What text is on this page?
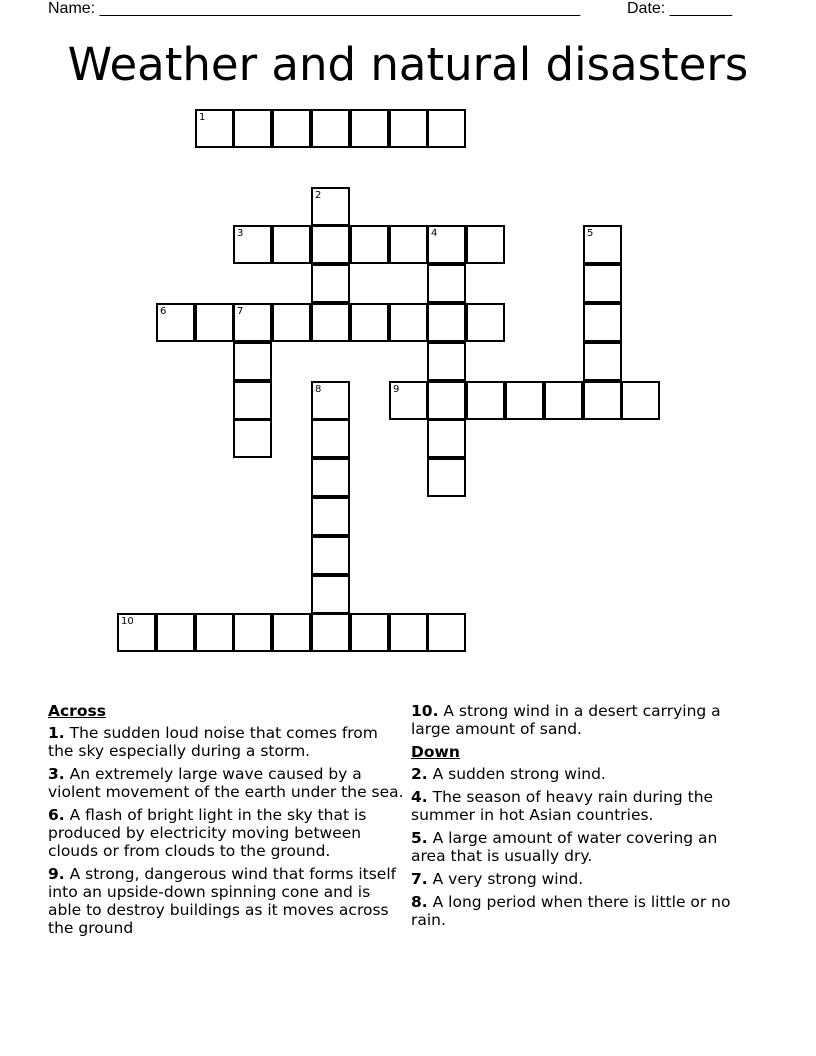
Name: ______________________________________________________	Date: _______
Weather and natural disasters
1
2
3	4	5
6	7
8	9
10
Across
1. The sudden loud noise that comes from the sky especially during a storm.
3. An extremely large wave caused by a violent movement of the earth under the sea.
6. A flash of bright light in the sky that is produced by electricity moving between clouds or from clouds to the ground.
9. A strong, dangerous wind that forms itself into an upside-down spinning cone and is able to destroy buildings as it moves across the ground
10. A strong wind in a desert carrying a large amount of sand.
Down
2. A sudden strong wind.
4. The season of heavy rain during the summer in hot Asian countries.
5. A large amount of water covering an area that is usually dry.
7. A very strong wind.
8. A long period when there is little or no rain.
